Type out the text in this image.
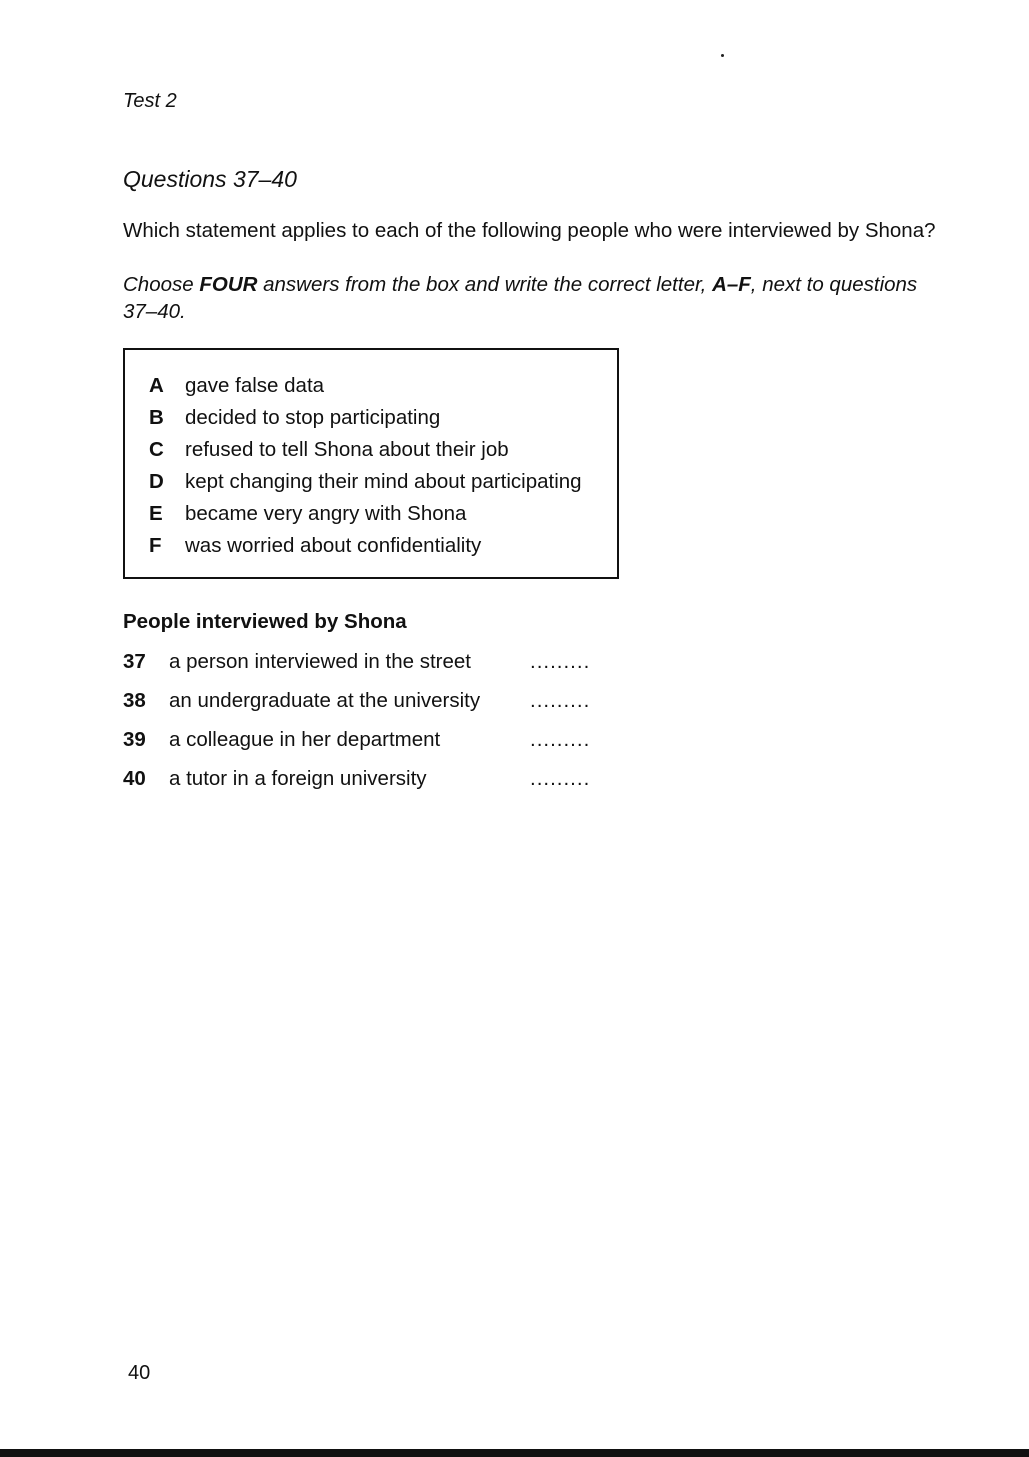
Test 2
Questions 37–40
Which statement applies to each of the following people who were interviewed by Shona?
Choose FOUR answers from the box and write the correct letter, A–F, next to questions 37–40.
A gave false data
B decided to stop participating
C refused to tell Shona about their job
D kept changing their mind about participating
E became very angry with Shona
F was worried about confidentiality
People interviewed by Shona
37 a person interviewed in the street	.........
38 an undergraduate at the university .........
39 a colleague in her department	.........
40 a tutor in a foreign university	.........
40
